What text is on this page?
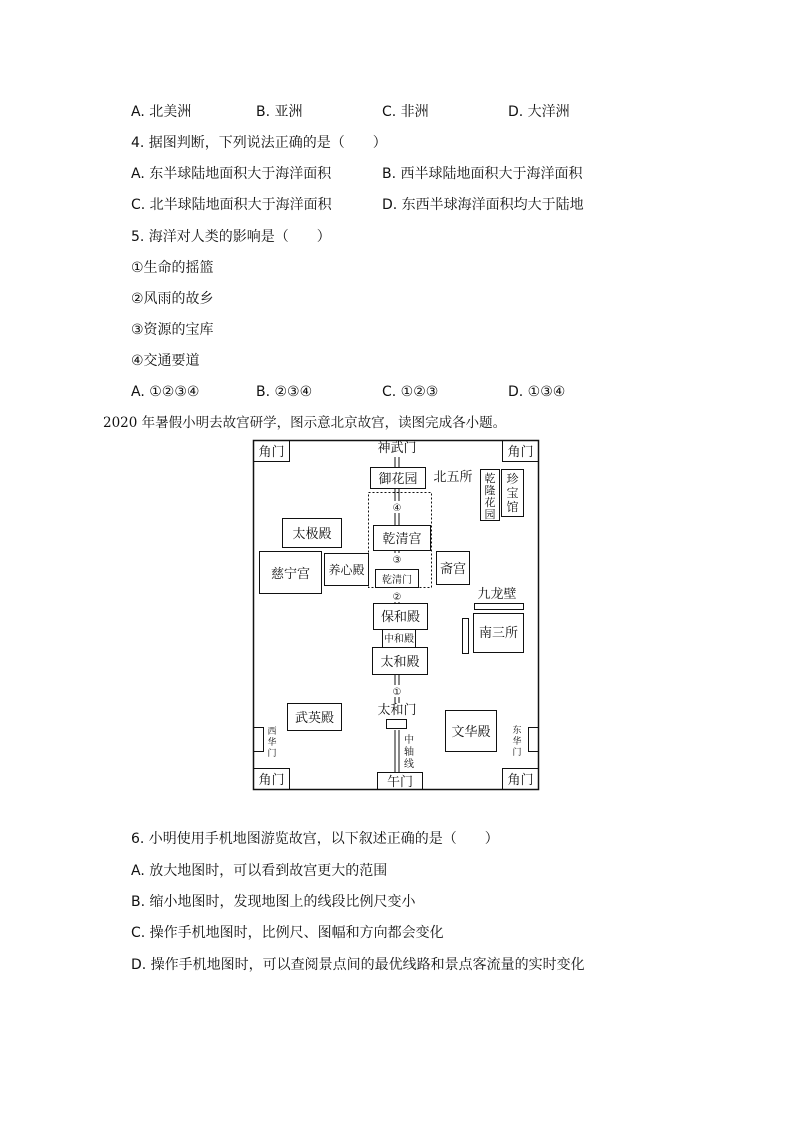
A. 北美洲	B. 亚洲	C. 非洲	D. 大洋洲
4. 据图判断，下列说法正确的是（　　）
A. 东半球陆地面积大于海洋面积	B. 西半球陆地面积大于海洋面积
C. 北半球陆地面积大于海洋面积	D. 东西半球海洋面积均大于陆地
5. 海洋对人类的影响是（　　）
①生命的摇篮
②风雨的故乡
③资源的宝库
④交通要道
A. ①②③④	B. ②③④	C. ①②③	D. ①③④
2020 年暑假小明去故宫研学，图示意北京故宫，读图完成各小题。
角门	角门
角门	角门
神武门
御花园 北五所 乾
隆
花
园
珍
宝
馆
太极殿	乾清宫
乾清门
慈宁宫 养心殿	斋宫
九龙壁
保和殿
中和殿	南三所
太和殿
太和门
武英殿
文华殿
西
华
门
东
华
门
中
轴
线
午门
④
③
②
①
6. 小明使用手机地图游览故宫，以下叙述正确的是（　　）
A. 放大地图时，可以看到故宫更大的范围
B. 缩小地图时，发现地图上的线段比例尺变小
C. 操作手机地图时，比例尺、图幅和方向都会变化
D. 操作手机地图时，可以查阅景点间的最优线路和景点客流量的实时变化
